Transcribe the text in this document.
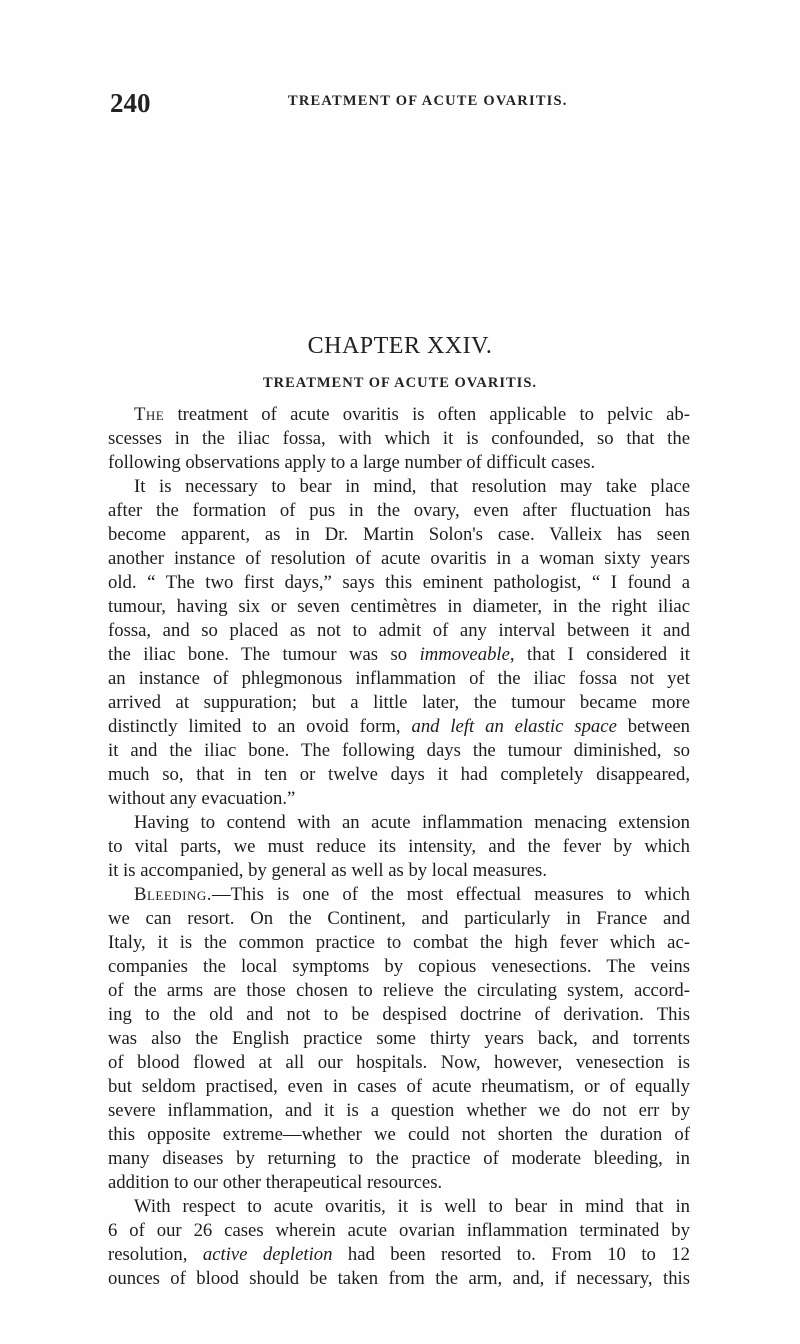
240	TREATMENT OF ACUTE OVARITIS.
CHAPTER XXIV.
TREATMENT OF ACUTE OVARITIS.
The treatment of acute ovaritis is often applicable to pelvic ab-
scesses in the iliac fossa, with which it is confounded, so that the
following observations apply to a large number of difficult cases.
It is necessary to bear in mind, that resolution may take place
after the formation of pus in the ovary, even after fluctuation has
become apparent, as in Dr. Martin Solon's case. Valleix has seen
another instance of resolution of acute ovaritis in a woman sixty years
old. “ The two first days,” says this eminent pathologist, “ I found a
tumour, having six or seven centimètres in diameter, in the right iliac
fossa, and so placed as not to admit of any interval between it and
the iliac bone. The tumour was so immoveable, that I considered it
an instance of phlegmonous inflammation of the iliac fossa not yet
arrived at suppuration; but a little later, the tumour became more
distinctly limited to an ovoid form, and left an elastic space between
it and the iliac bone. The following days the tumour diminished, so
much so, that in ten or twelve days it had completely disappeared,
without any evacuation.”
Having to contend with an acute inflammation menacing extension
to vital parts, we must reduce its intensity, and the fever by which
it is accompanied, by general as well as by local measures.
Bleeding.—This is one of the most effectual measures to which
we can resort. On the Continent, and particularly in France and
Italy, it is the common practice to combat the high fever which ac-
companies the local symptoms by copious venesections. The veins
of the arms are those chosen to relieve the circulating system, accord-
ing to the old and not to be despised doctrine of derivation. This
was also the English practice some thirty years back, and torrents
of blood flowed at all our hospitals. Now, however, venesection is
but seldom practised, even in cases of acute rheumatism, or of equally
severe inflammation, and it is a question whether we do not err by
this opposite extreme—whether we could not shorten the duration of
many diseases by returning to the practice of moderate bleeding, in
addition to our other therapeutical resources.
With respect to acute ovaritis, it is well to bear in mind that in
6 of our 26 cases wherein acute ovarian inflammation terminated by
resolution, active depletion had been resorted to. From 10 to 12
ounces of blood should be taken from the arm, and, if necessary, this
